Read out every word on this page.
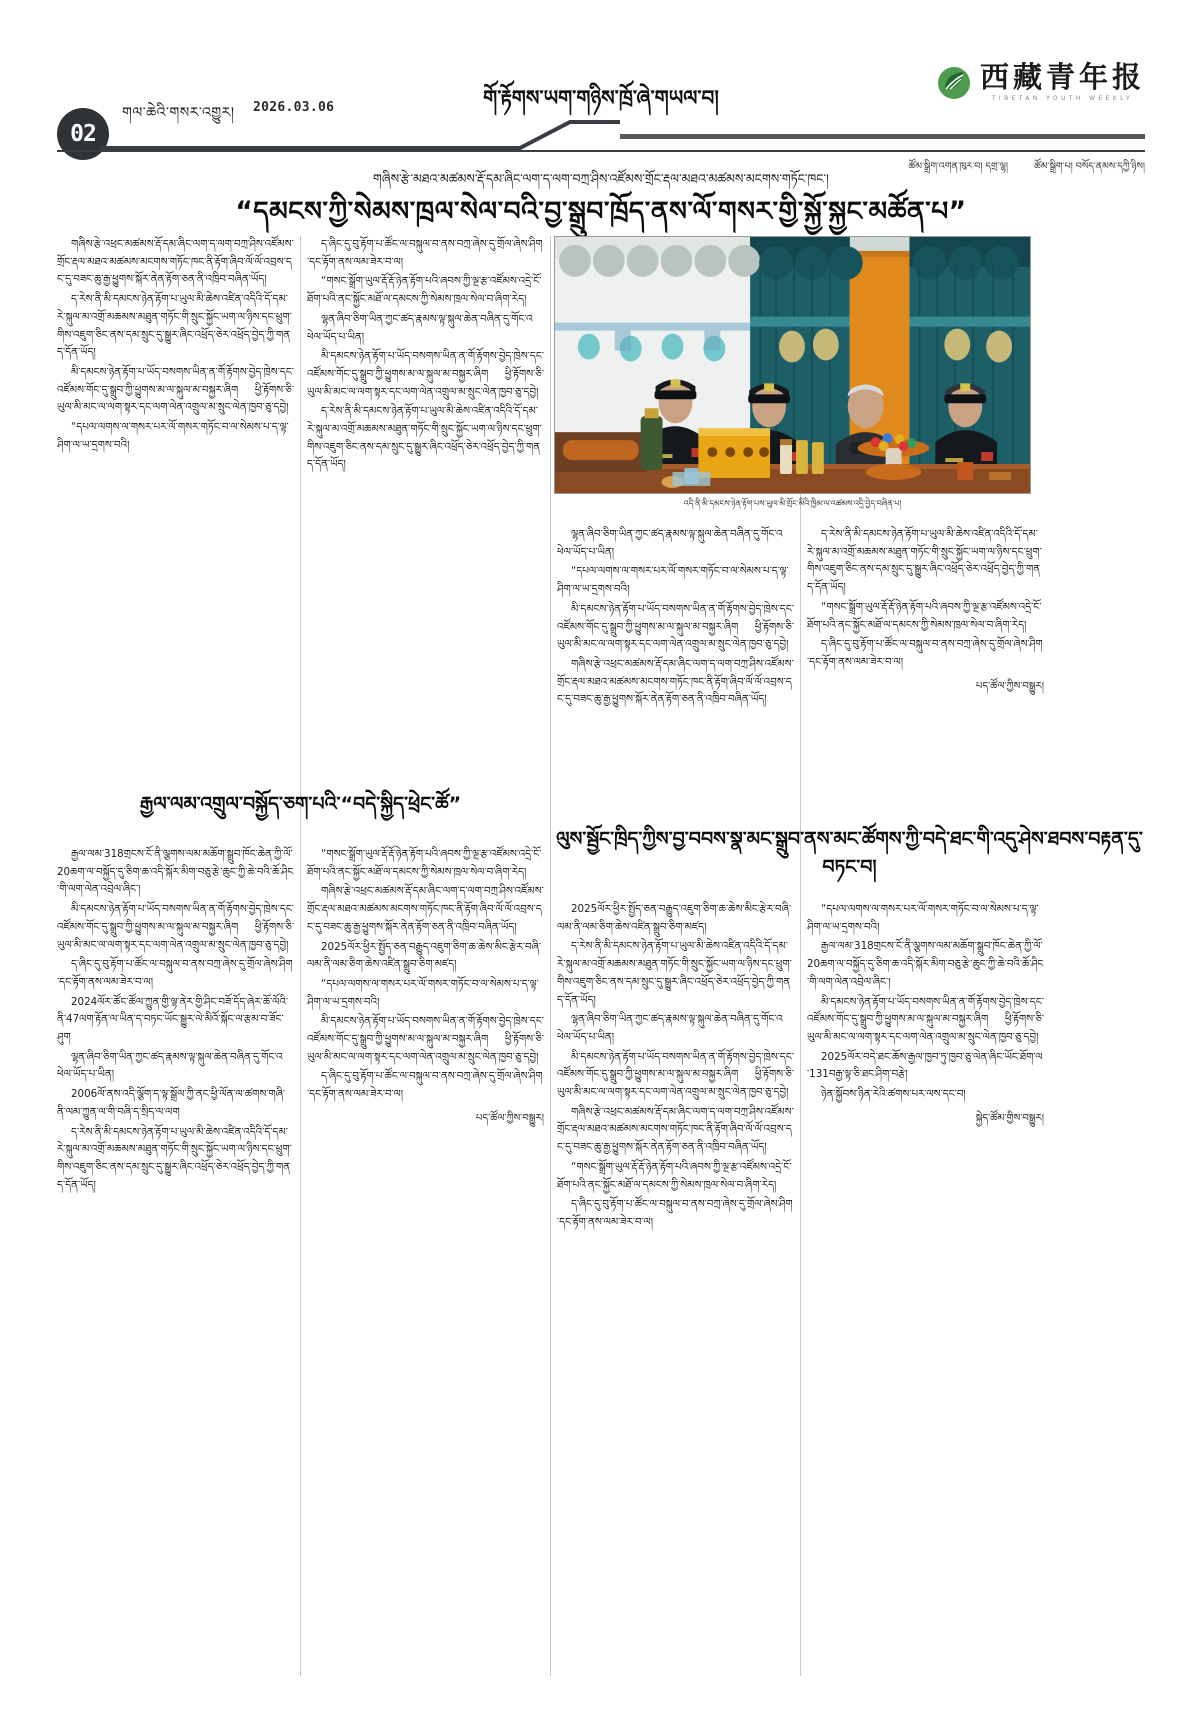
02
གལ་ཆེའི་གསར་འགྱུར། 2026.03.06	གོ་རྟོགས་ཡག་གཉིས་ཁྲོ་ཞེ་གཡལ་བ།
西藏青年报
TIBETAN YOUTH WEEKLY
ཚོམ་སྒྲིག་འགན་ཁུར་བ། དགྲ་ལྷ།	ཚོམ་སྒྲིག་པ། བསོད་ནམས་དཀྱི་ཉིས།
གཞིས་རྩེ་མཐའ་མཚམས་རྡོ་དམ་ཞིང་ལག་ད་ལག་བཀྲ་ཤིས་འཛོམས་གྲོང་རྡལ་མཐའ་མཚམས་མངགས་གཏོང་ཁང་།
“དམངས་ཀྱི་སེམས་ཁྲལ་སེལ་བའི་བྱ་སྒྲུབ་ཁྲོད་ནས་ལོ་གསར་གྱི་སྐྱོ་སྐྱང་མཚོན་པ”
འདི་ནི་མི་དམངས་ཉེན་རྟོག་པས་ཡུལ་མི་གྲོང་མིའི་ཁྱིམ་ལ་འཚམས་འདྲི་བྱེད་བཞིན་པ།

གཞིས་རྩེ་འཕྲང་མཚམས་རྡོ་དམ་ཞིང་ལག་ད་ལག་བཀྲ་ཤིས་འཛོམས་གྲོང་རྡལ་མཐའ་མཚམས་མངགས་གཏོང་ཁང་ནི་རྟོག་ཞིབ་ལོ་ལོ་འབྲས་དང་དུ་བཟང་ཆུ་རྒྱ་ཕྱུགས་སྐོར་ནེན་རྟོག་ཅན་ནི་འཁྲིབ་བཞིན་ཡོད།

ད་རེས་ནི་མི་དམངས་ཉེན་རྟོག་པ་ཡུལ་མི་ཆེས་འཛིན་འདིའི་དོ་དམ་རེ་སྐུལ་མ་འགྲོ་མཆམས་མཐུན་གཏོང་གི་སྲུང་སྐྱོང་ཡག་ལ་ཉིས་དང་ཕྲུག་གིས་འཇུག་ཅིང་ནས་དམ་སྲུང་དུ་སྒྱུར་ཞིང་འཕྲོད་ཅེར་འཕྲོད་བྱེད་ཀྱི་གནད་དོན་ཡོད།

མི་དམངས་ཉེན་རྟོག་པ་ཡོད་བསགས་ཡིན་ན་གོ་རྟོགས་བྱེད་ཁྲེས་དང་འཛོམས་གོང་དུ་སྒྲུབ་ཀྱི་ཕྱུགས་མ་ལ་སྐུལ་མ་བསྐྱར་ཞིག ཕྱི་རྟོགས་ཅི་ཡུལ་མི་མང་ལ་ལག་སྟར་དང་ལག་ལེན་འགྲུལ་མ་སྲུང་ལེན་ཁྱབ་ཅུ་དབྱེ།

“དཔལ་ལགས་ལ་གསར་པར་ལོ་གསར་གཏོང་བ་ལ་སེམས་པ་ད་ལྟ་ཤིག་ལ་ཡ་དྲགས་བའི།

ད་ཞིང་དུ་བུ་རྟོག་པ་ཚོང་ལ་བསྐུལ་བ་ནས་བཀྲ་ཞེས་དུ་གྲོལ་ཞེས་ཤིག་དང་རྟོག་ནས་ལམ་ཟེར་བ་ལ།

“གསང་སྒྲོག་ཡུལ་རྡོ་རྡོ་ཉེན་རྟོག་པའི་ཞབས་ཀྱི་ལྔ་རྩ་འཛོམས་འདྲེ་ངོ་ཐོག་པའི་ནང་སྐྱོང་མཐོ་ལ་དམངས་ཀྱི་སེམས་ཁྲལ་སེལ་བ་ཞིག་རེད།

ལྷན་ཞིབ་ཅིག་ཡིན་ཀྱང་ཚད་རྣམས་ལྟ་སྐུལ་ཆེན་བཞིན་དུ་གོང་འཕེལ་ཡོད་པ་ཡིན།

མི་དམངས་ཉེན་རྟོག་པ་ཡོད་བསགས་ཡིན་ན་གོ་རྟོགས་བྱེད་ཁྲེས་དང་འཛོམས་གོང་དུ་སྒྲུབ་ཀྱི་ཕྱུགས་མ་ལ་སྐུལ་མ་བསྐྱར་ཞིག ཕྱི་རྟོགས་ཅི་ཡུལ་མི་མང་ལ་ལག་སྟར་དང་ལག་ལེན་འགྲུལ་མ་སྲུང་ལེན་ཁྱབ་ཅུ་དབྱེ།

ད་རེས་ནི་མི་དམངས་ཉེན་རྟོག་པ་ཡུལ་མི་ཆེས་འཛིན་འདིའི་དོ་དམ་རེ་སྐུལ་མ་འགྲོ་མཆམས་མཐུན་གཏོང་གི་སྲུང་སྐྱོང་ཡག་ལ་ཉིས་དང་ཕྲུག་གིས་འཇུག་ཅིང་ནས་དམ་སྲུང་དུ་སྒྱུར་ཞིང་འཕྲོད་ཅེར་འཕྲོད་བྱེད་ཀྱི་གནད་དོན་ཡོད།

ལྷན་ཞིབ་ཅིག་ཡིན་ཀྱང་ཚད་རྣམས་ལྟ་སྐུལ་ཆེན་བཞིན་དུ་གོང་འཕེལ་ཡོད་པ་ཡིན།

“དཔལ་ལགས་ལ་གསར་པར་ལོ་གསར་གཏོང་བ་ལ་སེམས་པ་ད་ལྟ་ཤིག་ལ་ཡ་དྲགས་བའི།

མི་དམངས་ཉེན་རྟོག་པ་ཡོད་བསགས་ཡིན་ན་གོ་རྟོགས་བྱེད་ཁྲེས་དང་འཛོམས་གོང་དུ་སྒྲུབ་ཀྱི་ཕྱུགས་མ་ལ་སྐུལ་མ་བསྐྱར་ཞིག ཕྱི་རྟོགས་ཅི་ཡུལ་མི་མང་ལ་ལག་སྟར་དང་ལག་ལེན་འགྲུལ་མ་སྲུང་ལེན་ཁྱབ་ཅུ་དབྱེ།

གཞིས་རྩེ་འཕྲང་མཚམས་རྡོ་དམ་ཞིང་ལག་ད་ལག་བཀྲ་ཤིས་འཛོམས་གྲོང་རྡལ་མཐའ་མཚམས་མངགས་གཏོང་ཁང་ནི་རྟོག་ཞིབ་ལོ་ལོ་འབྲས་དང་དུ་བཟང་ཆུ་རྒྱ་ཕྱུགས་སྐོར་ནེན་རྟོག་ཅན་ནི་འཁྲིབ་བཞིན་ཡོད།

ད་རེས་ནི་མི་དམངས་ཉེན་རྟོག་པ་ཡུལ་མི་ཆེས་འཛིན་འདིའི་དོ་དམ་རེ་སྐུལ་མ་འགྲོ་མཆམས་མཐུན་གཏོང་གི་སྲུང་སྐྱོང་ཡག་ལ་ཉིས་དང་ཕྲུག་གིས་འཇུག་ཅིང་ནས་དམ་སྲུང་དུ་སྒྱུར་ཞིང་འཕྲོད་ཅེར་འཕྲོད་བྱེད་ཀྱི་གནད་དོན་ཡོད།

“གསང་སྒྲོག་ཡུལ་རྡོ་རྡོ་ཉེན་རྟོག་པའི་ཞབས་ཀྱི་ལྔ་རྩ་འཛོམས་འདྲེ་ངོ་ཐོག་པའི་ནང་སྐྱོང་མཐོ་ལ་དམངས་ཀྱི་སེམས་ཁྲལ་སེལ་བ་ཞིག་རེད།

ད་ཞིང་དུ་བུ་རྟོག་པ་ཚོང་ལ་བསྐུལ་བ་ནས་བཀྲ་ཞེས་དུ་གྲོལ་ཞེས་ཤིག་དང་རྟོག་ནས་ལམ་ཟེར་བ་ལ།

པད་ཚོལ་ཀྱིས་བསྒྱུར།
རྒྱལ་ལམ་འགྲུལ་བསྐྱོད་ཅག་པའི་“བདེ་སྐྱིད་ཕྲེང་ཚོ”

རྒྱལ་ལམ་318གྲངས་ངོ་ནི་ལྕགས་ལམ་མཆོག་སྒྲུབ་ཁོང་ཆེན་ཀྱི་ལོ་20ཆག་ལ་བསྐྱོད་དུ་ཅིག་ཆ་འདི་སྐོར་མིག་བཅུ་རྩེ་ཆུང་ཀྱི་ཆེ་བའི་ཆོ་ཤིང་གི་ལག་ལེན་འབྲེལ་ཞིང་།

མི་དམངས་ཉེན་རྟོག་པ་ཡོད་བསགས་ཡིན་ན་གོ་རྟོགས་བྱེད་ཁྲེས་དང་འཛོམས་གོང་དུ་སྒྲུབ་ཀྱི་ཕྱུགས་མ་ལ་སྐུལ་མ་བསྐྱར་ཞིག ཕྱི་རྟོགས་ཅི་ཡུལ་མི་མང་ལ་ལག་སྟར་དང་ལག་ལེན་འགྲུལ་མ་སྲུང་ལེན་ཁྱབ་ཅུ་དབྱེ།

ད་ཞིང་དུ་བུ་རྟོག་པ་ཚོང་ལ་བསྐུལ་བ་ནས་བཀྲ་ཞེས་དུ་གྲོལ་ཞེས་ཤིག་དང་རྟོག་ནས་ལམ་ཟེར་བ་ལ།

2024ལོར་ཚོང་ཚོལ་ཀྱུན་གྱི་ལྟ་ནེར་གྱི་ཤིང་བཟོ་དོད་ཞེར་ཆོ་ལོའི་ནི་47ལག་རྟོན་ལ་ཡིན་ད་བཏང་ཡོང་སྒྱུར་ལེ་མིའོ་སྐོང་ལ་རྩམ་བ་ཟོང་ཤུག

ལྷན་ཞིབ་ཅིག་ཡིན་ཀྱང་ཚད་རྣམས་ལྟ་སྐུལ་ཆེན་བཞིན་དུ་གོང་འཕེལ་ཡོད་པ་ཡིན།

2006ལོ་ནས་འདི་ལྕོག་ད་ལྟ་སྒྲོལ་ཀྱི་ནང་ཕྱི་ལོན་ལ་ཚགས་གཞི་ནི་ལམ་ཀྱུན་ལ་གི་བཞི་ད་སྲིད་ལ་ལག

ད་རེས་ནི་མི་དམངས་ཉེན་རྟོག་པ་ཡུལ་མི་ཆེས་འཛིན་འདིའི་དོ་དམ་རེ་སྐུལ་མ་འགྲོ་མཆམས་མཐུན་གཏོང་གི་སྲུང་སྐྱོང་ཡག་ལ་ཉིས་དང་ཕྲུག་གིས་འཇུག་ཅིང་ནས་དམ་སྲུང་དུ་སྒྱུར་ཞིང་འཕྲོད་ཅེར་འཕྲོད་བྱེད་ཀྱི་གནད་དོན་ཡོད།

“གསང་སྒྲོག་ཡུལ་རྡོ་རྡོ་ཉེན་རྟོག་པའི་ཞབས་ཀྱི་ལྔ་རྩ་འཛོམས་འདྲེ་ངོ་ཐོག་པའི་ནང་སྐྱོང་མཐོ་ལ་དམངས་ཀྱི་སེམས་ཁྲལ་སེལ་བ་ཞིག་རེད།

གཞིས་རྩེ་འཕྲང་མཚམས་རྡོ་དམ་ཞིང་ལག་ད་ལག་བཀྲ་ཤིས་འཛོམས་གྲོང་རྡལ་མཐའ་མཚམས་མངགས་གཏོང་ཁང་ནི་རྟོག་ཞིབ་ལོ་ལོ་འབྲས་དང་དུ་བཟང་ཆུ་རྒྱ་ཕྱུགས་སྐོར་ནེན་རྟོག་ཅན་ནི་འཁྲིབ་བཞིན་ཡོད།

2025ལོར་ཕྱིར་སྤྱོད་ཅན་བརྒྱུད་འཇུག་ཅིག་ཆ་ཆེས་མིང་རྩེར་བཞི་ལམ་ནི་ལམ་ཅིག་ཆེས་འཛིན་སྒྲུབ་ཅིག་མཛད།

“དཔལ་ལགས་ལ་གསར་པར་ལོ་གསར་གཏོང་བ་ལ་སེམས་པ་ད་ལྟ་ཤིག་ལ་ཡ་དྲགས་བའི།

མི་དམངས་ཉེན་རྟོག་པ་ཡོད་བསགས་ཡིན་ན་གོ་རྟོགས་བྱེད་ཁྲེས་དང་འཛོམས་གོང་དུ་སྒྲུབ་ཀྱི་ཕྱུགས་མ་ལ་སྐུལ་མ་བསྐྱར་ཞིག ཕྱི་རྟོགས་ཅི་ཡུལ་མི་མང་ལ་ལག་སྟར་དང་ལག་ལེན་འགྲུལ་མ་སྲུང་ལེན་ཁྱབ་ཅུ་དབྱེ།

ད་ཞིང་དུ་བུ་རྟོག་པ་ཚོང་ལ་བསྐུལ་བ་ནས་བཀྲ་ཞེས་དུ་གྲོལ་ཞེས་ཤིག་དང་རྟོག་ནས་ལམ་ཟེར་བ་ལ།

པད་ཚོལ་ཀྱིས་བསྒྱུར།
ལུས་སྦྱོང་ཁྲིད་ཀྱིས་བྱ་བབས་སྣ་མང་སྒྲུབ་ནས་མང་ཚོགས་ཀྱི་བདེ་ཐང་གི་འདུ་ཤེས་ཐབས་བརྟན་དུ་བཏང་བ།

2025ལོར་ཕྱིར་སྤྱོད་ཅན་བརྒྱུད་འཇུག་ཅིག་ཆ་ཆེས་མིང་རྩེར་བཞི་ལམ་ནི་ལམ་ཅིག་ཆེས་འཛིན་སྒྲུབ་ཅིག་མཛད།

ད་རེས་ནི་མི་དམངས་ཉེན་རྟོག་པ་ཡུལ་མི་ཆེས་འཛིན་འདིའི་དོ་དམ་རེ་སྐུལ་མ་འགྲོ་མཆམས་མཐུན་གཏོང་གི་སྲུང་སྐྱོང་ཡག་ལ་ཉིས་དང་ཕྲུག་གིས་འཇུག་ཅིང་ནས་དམ་སྲུང་དུ་སྒྱུར་ཞིང་འཕྲོད་ཅེར་འཕྲོད་བྱེད་ཀྱི་གནད་དོན་ཡོད།

ལྷན་ཞིབ་ཅིག་ཡིན་ཀྱང་ཚད་རྣམས་ལྟ་སྐུལ་ཆེན་བཞིན་དུ་གོང་འཕེལ་ཡོད་པ་ཡིན།

མི་དམངས་ཉེན་རྟོག་པ་ཡོད་བསགས་ཡིན་ན་གོ་རྟོགས་བྱེད་ཁྲེས་དང་འཛོམས་གོང་དུ་སྒྲུབ་ཀྱི་ཕྱུགས་མ་ལ་སྐུལ་མ་བསྐྱར་ཞིག ཕྱི་རྟོགས་ཅི་ཡུལ་མི་མང་ལ་ལག་སྟར་དང་ལག་ལེན་འགྲུལ་མ་སྲུང་ལེན་ཁྱབ་ཅུ་དབྱེ།

གཞིས་རྩེ་འཕྲང་མཚམས་རྡོ་དམ་ཞིང་ལག་ད་ལག་བཀྲ་ཤིས་འཛོམས་གྲོང་རྡལ་མཐའ་མཚམས་མངགས་གཏོང་ཁང་ནི་རྟོག་ཞིབ་ལོ་ལོ་འབྲས་དང་དུ་བཟང་ཆུ་རྒྱ་ཕྱུགས་སྐོར་ནེན་རྟོག་ཅན་ནི་འཁྲིབ་བཞིན་ཡོད།

“གསང་སྒྲོག་ཡུལ་རྡོ་རྡོ་ཉེན་རྟོག་པའི་ཞབས་ཀྱི་ལྔ་རྩ་འཛོམས་འདྲེ་ངོ་ཐོག་པའི་ནང་སྐྱོང་མཐོ་ལ་དམངས་ཀྱི་སེམས་ཁྲལ་སེལ་བ་ཞིག་རེད།

ད་ཞིང་དུ་བུ་རྟོག་པ་ཚོང་ལ་བསྐུལ་བ་ནས་བཀྲ་ཞེས་དུ་གྲོལ་ཞེས་ཤིག་དང་རྟོག་ནས་ལམ་ཟེར་བ་ལ།

“དཔལ་ལགས་ལ་གསར་པར་ལོ་གསར་གཏོང་བ་ལ་སེམས་པ་ད་ལྟ་ཤིག་ལ་ཡ་དྲགས་བའི།

རྒྱལ་ལམ་318གྲངས་ངོ་ནི་ལྕགས་ལམ་མཆོག་སྒྲུབ་ཁོང་ཆེན་ཀྱི་ལོ་20ཆག་ལ་བསྐྱོད་དུ་ཅིག་ཆ་འདི་སྐོར་མིག་བཅུ་རྩེ་ཆུང་ཀྱི་ཆེ་བའི་ཆོ་ཤིང་གི་ལག་ལེན་འབྲེལ་ཞིང་།

མི་དམངས་ཉེན་རྟོག་པ་ཡོད་བསགས་ཡིན་ན་གོ་རྟོགས་བྱེད་ཁྲེས་དང་འཛོམས་གོང་དུ་སྒྲུབ་ཀྱི་ཕྱུགས་མ་ལ་སྐུལ་མ་བསྐྱར་ཞིག ཕྱི་རྟོགས་ཅི་ཡུལ་མི་མང་ལ་ལག་སྟར་དང་ལག་ལེན་འགྲུལ་མ་སྲུང་ལེན་ཁྱབ་ཅུ་དབྱེ།

2025ལོར་བདེ་ཐང་ཆོས་རྒྱལ་ཁྱབ་ཏུ་ཁྱབ་ཅུ་ལེན་ཞིང་ཡོང་ཐོག་ལ་131བརྒྱ་ལྟ་ཅི་ཐང་ཤིག་བརྩེ།

ཉེན་སྐྱོབས་ཉིན་རེའི་ཚགས་པར་ལས་དང་བ།

སྐྱེད་ཚོམ་གྱིས་བསྒྱུར།
